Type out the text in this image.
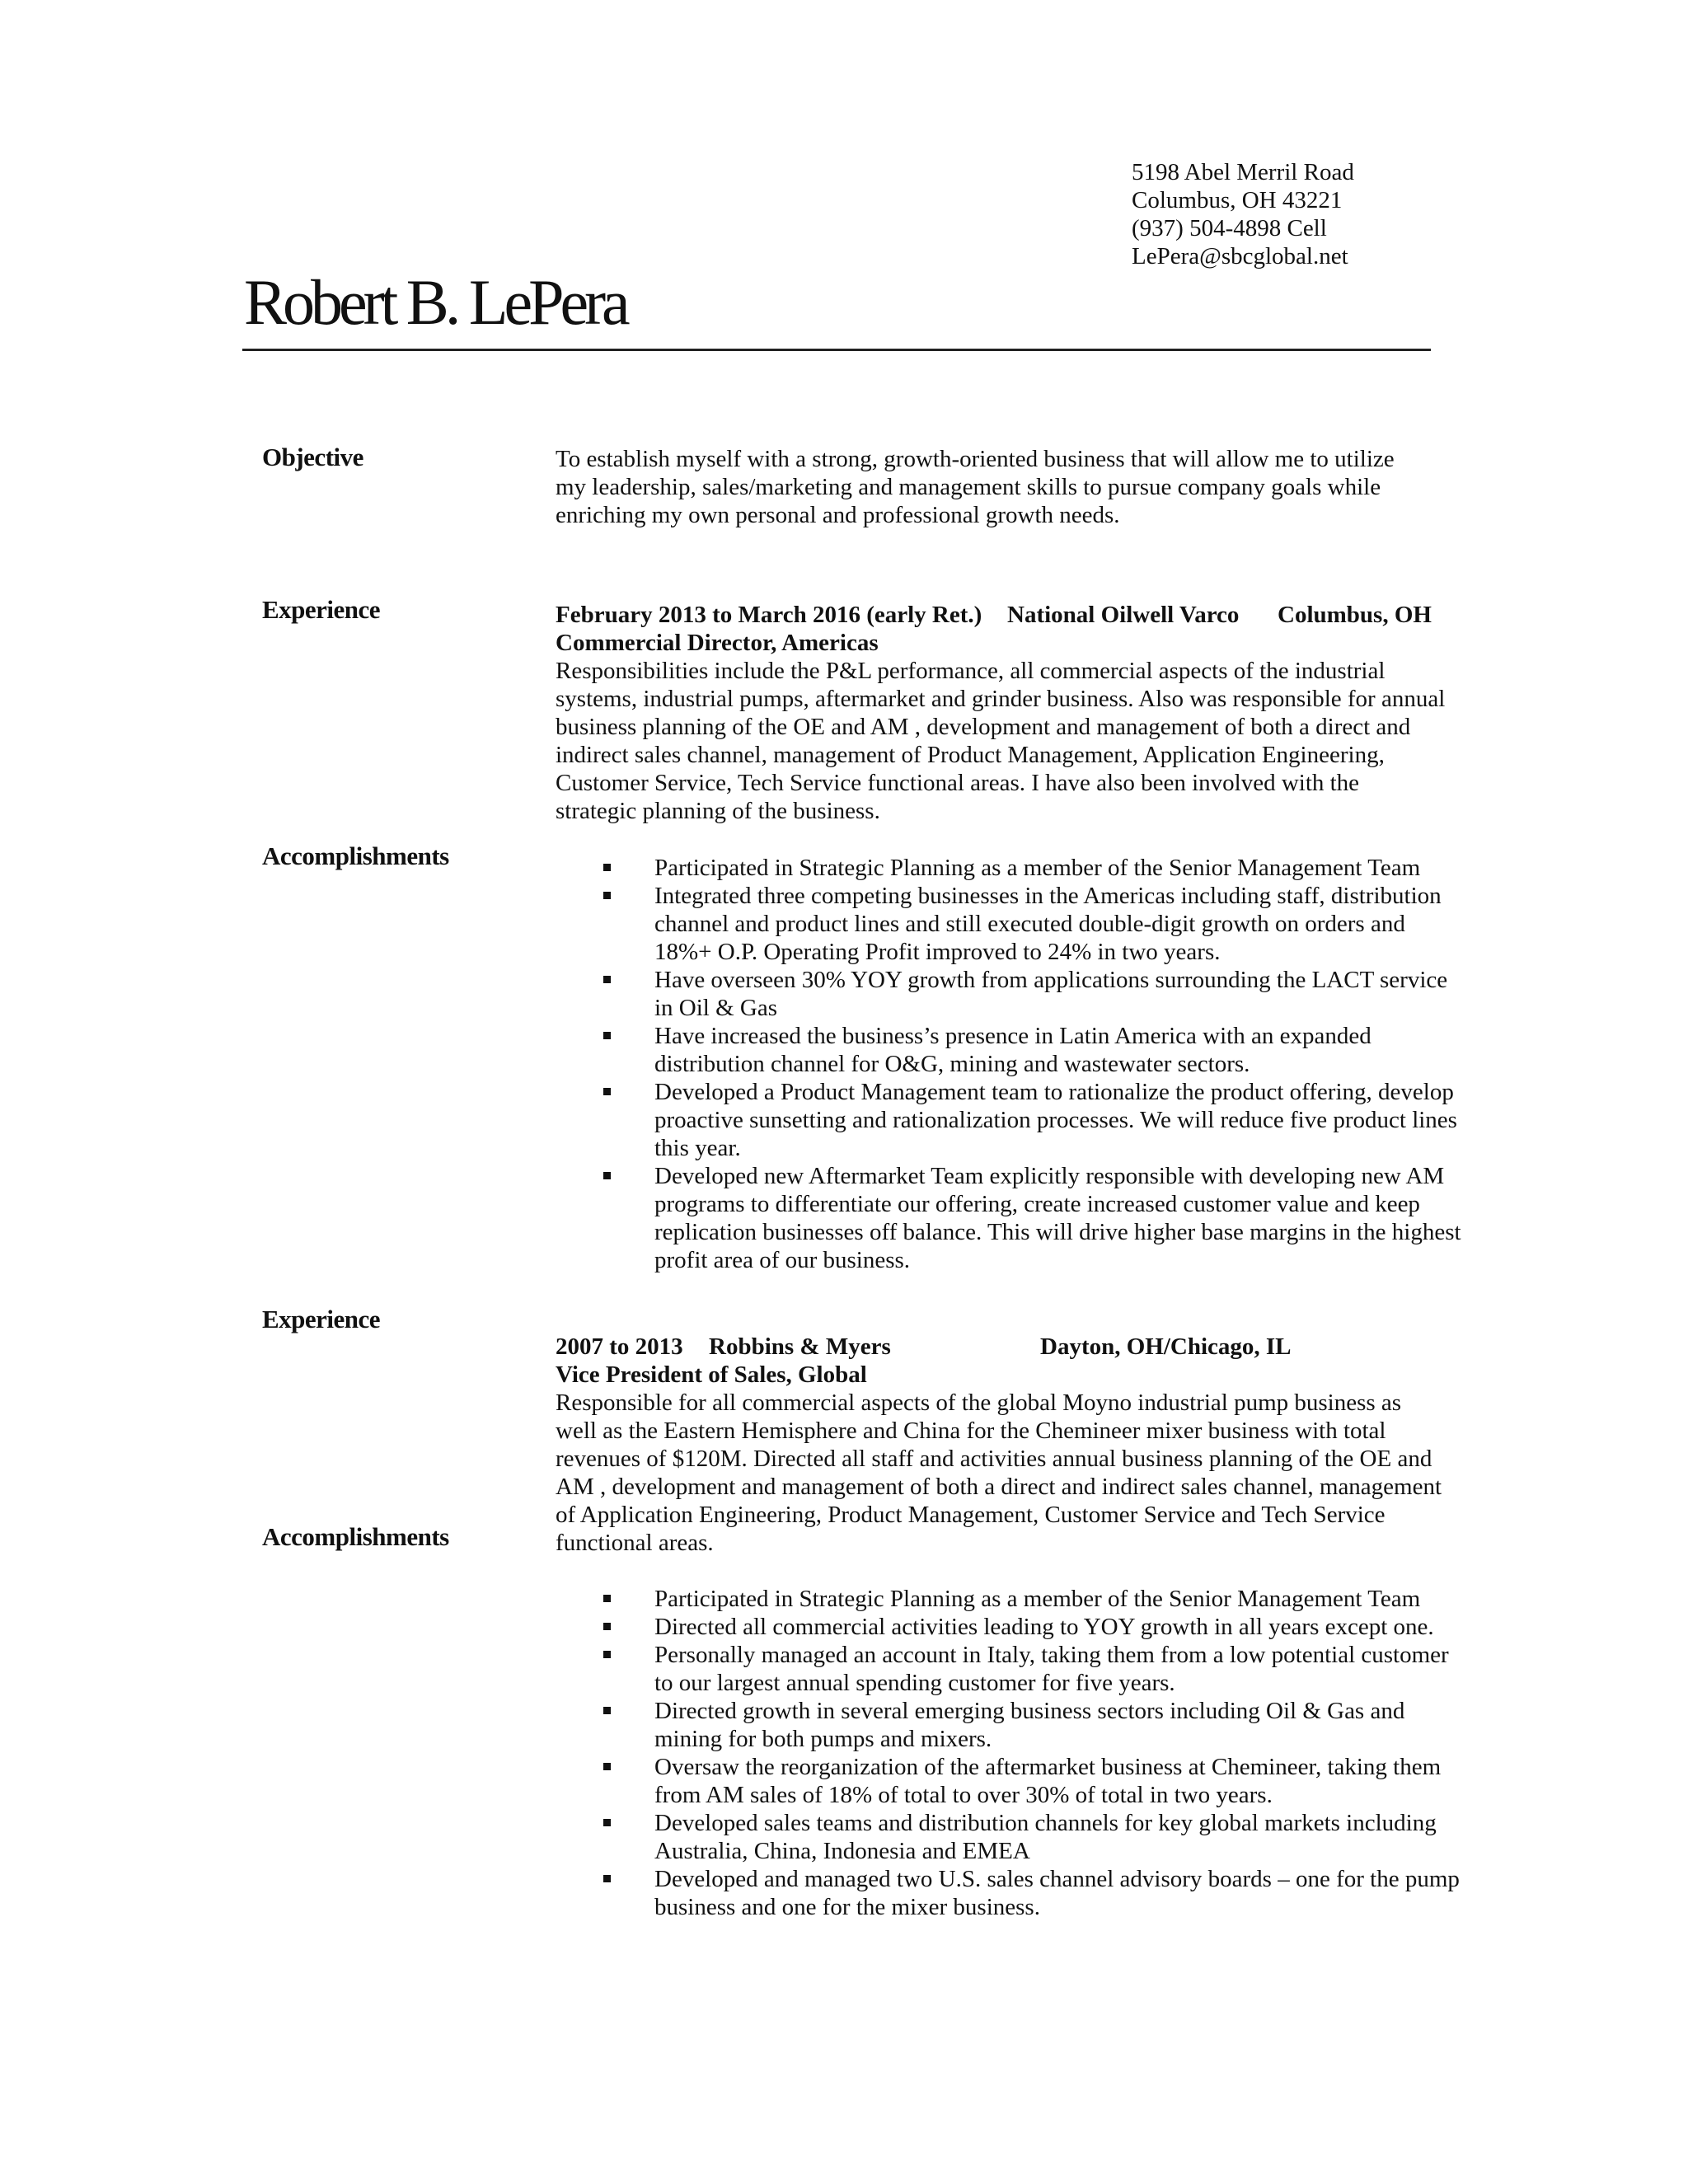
5198 Abel Merril Road
Columbus, OH 43221
(937) 504-4898 Cell
LePera@sbcglobal.net
Robert B. LePera
Objective	To establish myself with a strong, growth-oriented business that will allow me to utilize my leadership, sales/marketing and management skills to pursue company goals while enriching my own personal and professional growth needs.

Experience	February 2013 to March 2016 (early Ret.) National Oilwell Varco Columbus, OH
Commercial Director, Americas

Responsibilities include the P&L performance, all commercial aspects of the industrial systems, industrial pumps, aftermarket and grinder business. Also was responsible for annual business planning of the OE and AM , development and management of both a direct and indirect sales channel, management of Product Management, Application Engineering, Customer Service, Tech Service functional areas. I have also been involved with the strategic planning of the business.

Accomplishments	Participated in Strategic Planning as a member of the Senior Management Team
Integrated three competing businesses in the Americas including staff, distribution channel and product lines and still executed double-digit growth on orders and 18%+ O.P. Operating Profit improved to 24% in two years.
Have overseen 30% YOY growth from applications surrounding the LACT service in Oil & Gas
Have increased the business’s presence in Latin America with an expanded distribution channel for O&G, mining and wastewater sectors.
Developed a Product Management team to rationalize the product offering, develop proactive sunsetting and rationalization processes. We will reduce five product lines this year.
Developed new Aftermarket Team explicitly responsible with developing new AM programs to differentiate our offering, create increased customer value and keep replication businesses off balance. This will drive higher base margins in the highest profit area of our business.
Experience
2007 to 2013 Robbins & Myers	Dayton, OH/Chicago, IL
Vice President of Sales, Global

Responsible for all commercial aspects of the global Moyno industrial pump business as well as the Eastern Hemisphere and China for the Chemineer mixer business with total revenues of $120M. Directed all staff and activities annual business planning of the OE and AM , development and management of both a direct and indirect sales channel, management of Application Engineering, Product Management, Customer Service and Tech Service functional areas.

Accomplishments
Participated in Strategic Planning as a member of the Senior Management Team
Directed all commercial activities leading to YOY growth in all years except one.
Personally managed an account in Italy, taking them from a low potential customer to our largest annual spending customer for five years.
Directed growth in several emerging business sectors including Oil & Gas and mining for both pumps and mixers.
Oversaw the reorganization of the aftermarket business at Chemineer, taking them from AM sales of 18% of total to over 30% of total in two years.
Developed sales teams and distribution channels for key global markets including Australia, China, Indonesia and EMEA
Developed and managed two U.S. sales channel advisory boards – one for the pump business and one for the mixer business.
